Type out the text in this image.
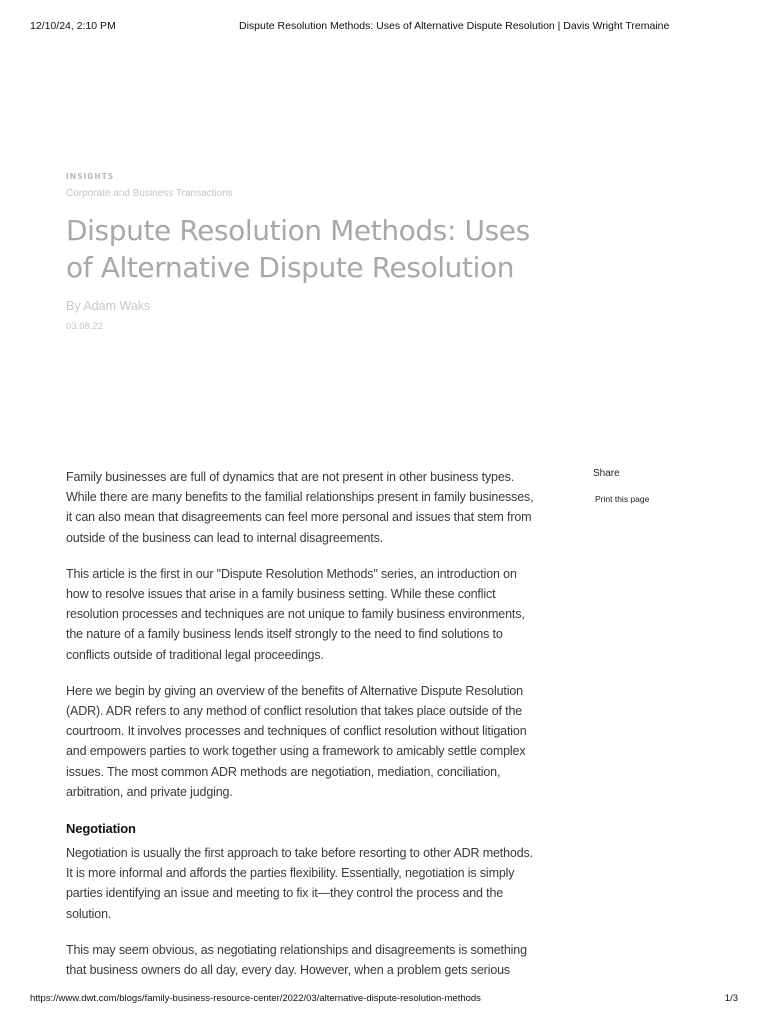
12/10/24, 2:10 PM	Dispute Resolution Methods: Uses of Alternative Dispute Resolution | Davis Wright Tremaine
INSIGHTS
Corporate and Business Transactions
Dispute Resolution Methods: Uses of Alternative Dispute Resolution
By Adam Waks
03.08.22
Share
Print this page

Family businesses are full of dynamics that are not present in other business types. While there are many benefits to the familial relationships present in family businesses, it can also mean that disagreements can feel more personal and issues that stem from outside of the business can lead to internal disagreements.

This article is the first in our "Dispute Resolution Methods" series, an introduction on how to resolve issues that arise in a family business setting. While these conflict resolution processes and techniques are not unique to family business environments, the nature of a family business lends itself strongly to the need to find solutions to conflicts outside of traditional legal proceedings.

Here we begin by giving an overview of the benefits of Alternative Dispute Resolution (ADR). ADR refers to any method of conflict resolution that takes place outside of the courtroom. It involves processes and techniques of conflict resolution without litigation and empowers parties to work together using a framework to amicably settle complex issues. The most common ADR methods are negotiation, mediation, conciliation, arbitration, and private judging.

Negotiation

Negotiation is usually the first approach to take before resorting to other ADR methods. It is more informal and affords the parties flexibility. Essentially, negotiation is simply parties identifying an issue and meeting to fix it—they control the process and the solution.

This may seem obvious, as negotiating relationships and disagreements is something that business owners do all day, every day. However, when a problem gets serious

https://www.dwt.com/blogs/family-business-resource-center/2022/03/alternative-dispute-resolution-methods	1/3
